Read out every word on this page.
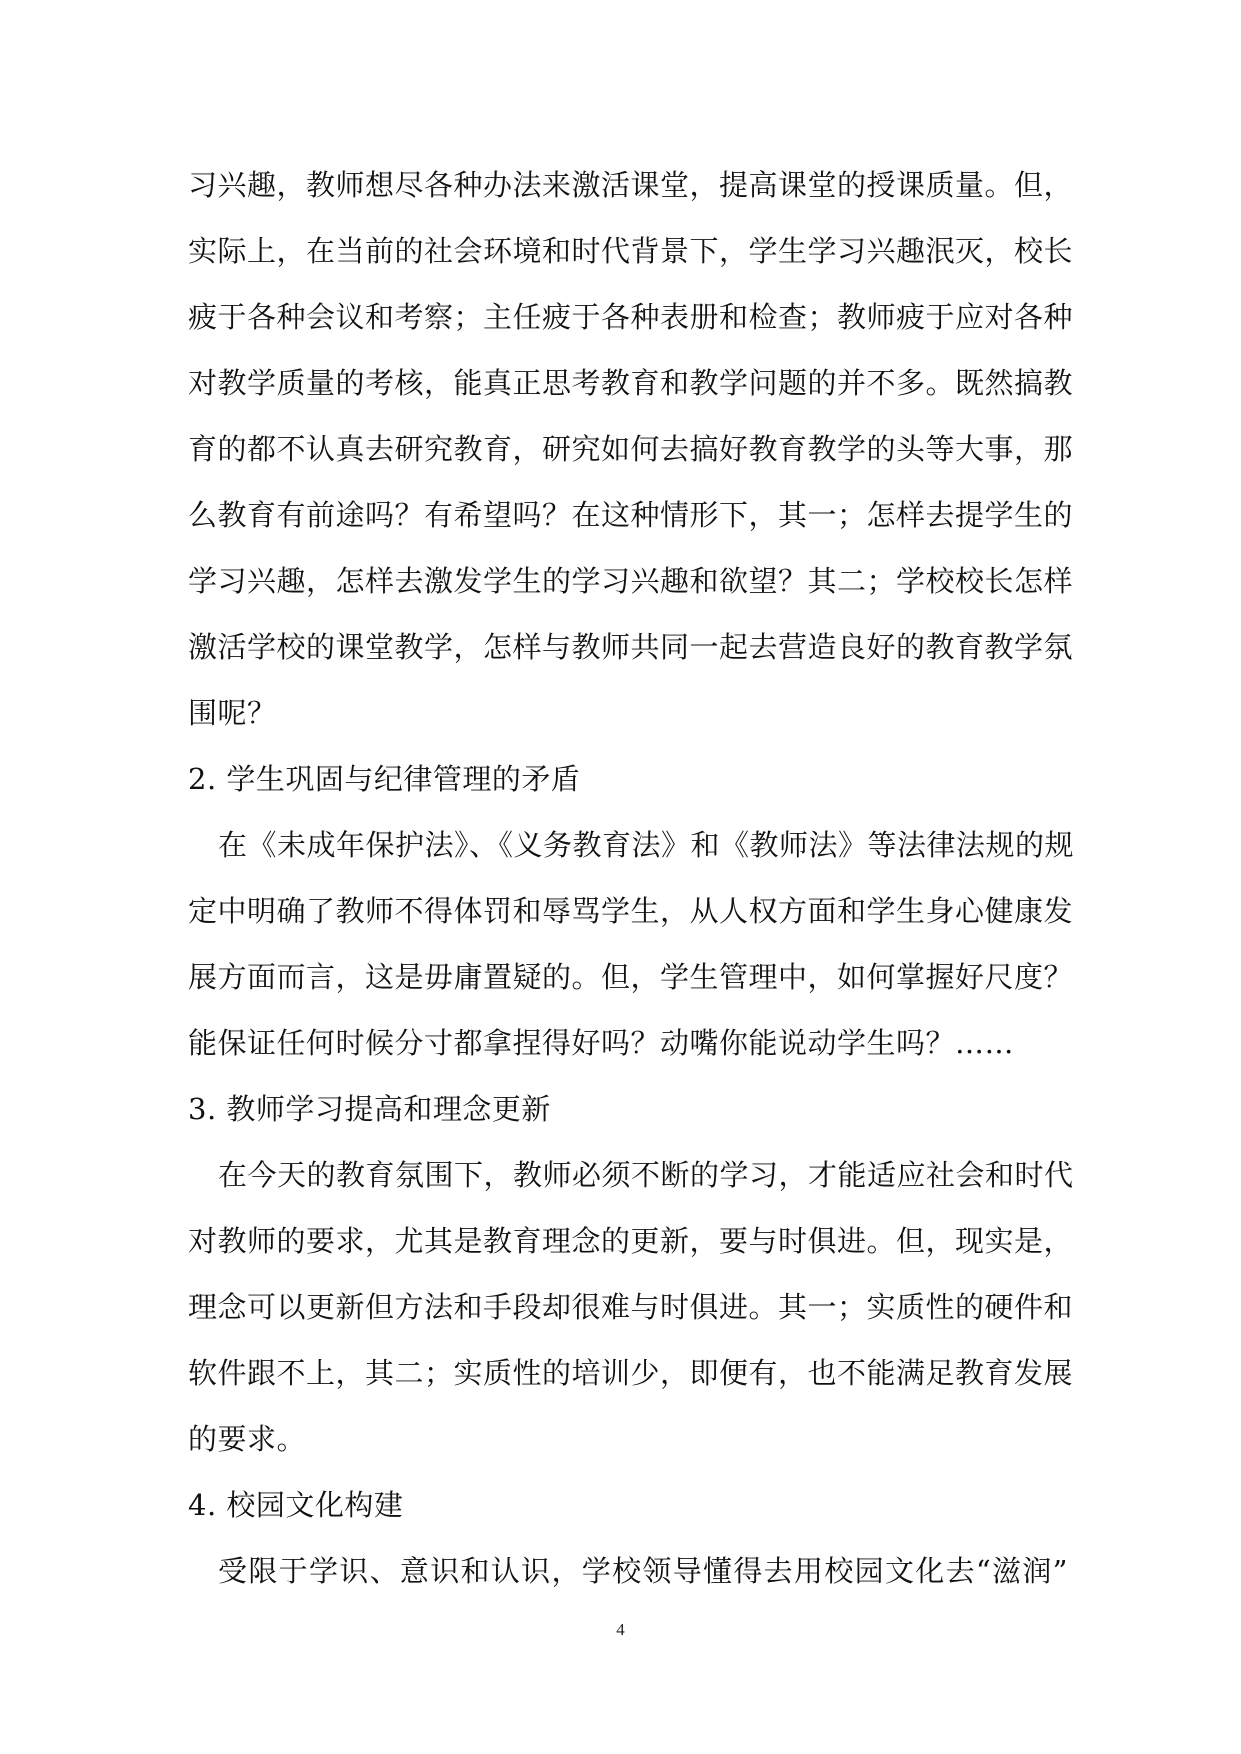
习兴趣，教师想尽各种办法来激活课堂，提高课堂的授课质量。但，
实际上，在当前的社会环境和时代背景下，学生学习兴趣泯灭，校长
疲于各种会议和考察；主任疲于各种表册和检查；教师疲于应对各种
对教学质量的考核，能真正思考教育和教学问题的并不多。既然搞教
育的都不认真去研究教育，研究如何去搞好教育教学的头等大事，那
么教育有前途吗？有希望吗？在这种情形下，其一；怎样去提学生的
学习兴趣，怎样去激发学生的学习兴趣和欲望？其二；学校校长怎样
激活学校的课堂教学，怎样与教师共同一起去营造良好的教育教学氛
围呢？
2. 学生巩固与纪律管理的矛盾
在《未成年保护法》、《义务教育法》和《教师法》等法律法规的规
定中明确了教师不得体罚和辱骂学生，从人权方面和学生身心健康发
展方面而言，这是毋庸置疑的。但，学生管理中，如何掌握好尺度？
能保证任何时候分寸都拿捏得好吗？动嘴你能说动学生吗？……
3. 教师学习提高和理念更新
在今天的教育氛围下，教师必须不断的学习，才能适应社会和时代
对教师的要求，尤其是教育理念的更新，要与时俱进。但，现实是，
理念可以更新但方法和手段却很难与时俱进。其一；实质性的硬件和
软件跟不上，其二；实质性的培训少，即便有，也不能满足教育发展
的要求。
4. 校园文化构建
受限于学识、意识和认识，学校领导懂得去用校园文化去“滋润”
4
